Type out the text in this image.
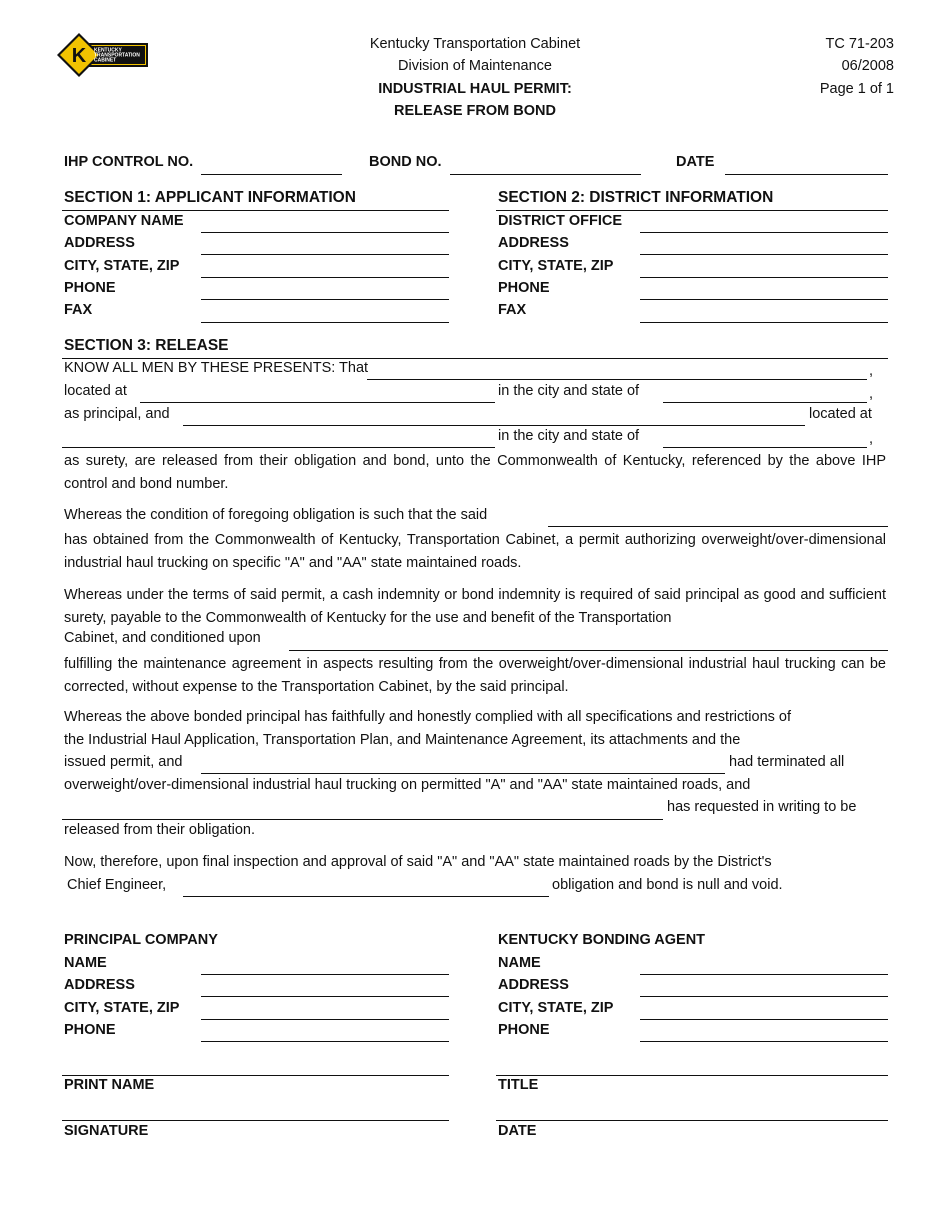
K KENTUCKY
TRANSPORTATION
CABINET
Kentucky Transportation Cabinet
Division of Maintenance
INDUSTRIAL HAUL PERMIT:
RELEASE FROM BOND
TC 71-203
06/2008
Page 1 of 1
IHP CONTROL NO.	BOND NO.	DATE
SECTION 1: APPLICANT INFORMATION
COMPANY NAME
ADDRESS
CITY, STATE, ZIP
PHONE
FAX
SECTION 2: DISTRICT INFORMATION
DISTRICT OFFICE
ADDRESS
CITY, STATE, ZIP
PHONE
FAX
SECTION 3: RELEASE
KNOW ALL MEN BY THESE PRESENTS: That	,
located at	in the city and state of	,
as principal, and	located at
in the city and state of	,
as surety, are released from their obligation and bond, unto the Commonwealth of Kentucky, referenced by the above IHP control and bond number.
Whereas the condition of foregoing obligation is such that the said
has obtained from the Commonwealth of Kentucky, Transportation Cabinet, a permit authorizing overweight/over-dimensional industrial haul trucking on specific "A" and "AA" state maintained roads.
Whereas under the terms of said permit, a cash indemnity or bond indemnity is required of said principal as good and sufficient surety, payable to the Commonwealth of Kentucky for the use and benefit of the Transportation
Cabinet, and conditioned upon
fulfilling the maintenance agreement in aspects resulting from the overweight/over-dimensional industrial haul trucking can be corrected, without expense to the Transportation Cabinet, by the said principal.
Whereas the above bonded principal has faithfully and honestly complied with all specifications and restrictions of
the Industrial Haul Application, Transportation Plan, and Maintenance Agreement, its attachments and the
issued permit, and	had terminated all
overweight/over-dimensional industrial haul trucking on permitted "A" and "AA" state maintained roads, and
has requested in writing to be
released from their obligation.
Now, therefore, upon final inspection and approval of said "A" and "AA" state maintained roads by the District's
Chief Engineer,	obligation and bond is null and void.
PRINCIPAL COMPANY
NAME
ADDRESS
CITY, STATE, ZIP
PHONE
PRINT NAME
SIGNATURE
KENTUCKY BONDING AGENT
NAME
ADDRESS
CITY, STATE, ZIP
PHONE
TITLE
DATE
